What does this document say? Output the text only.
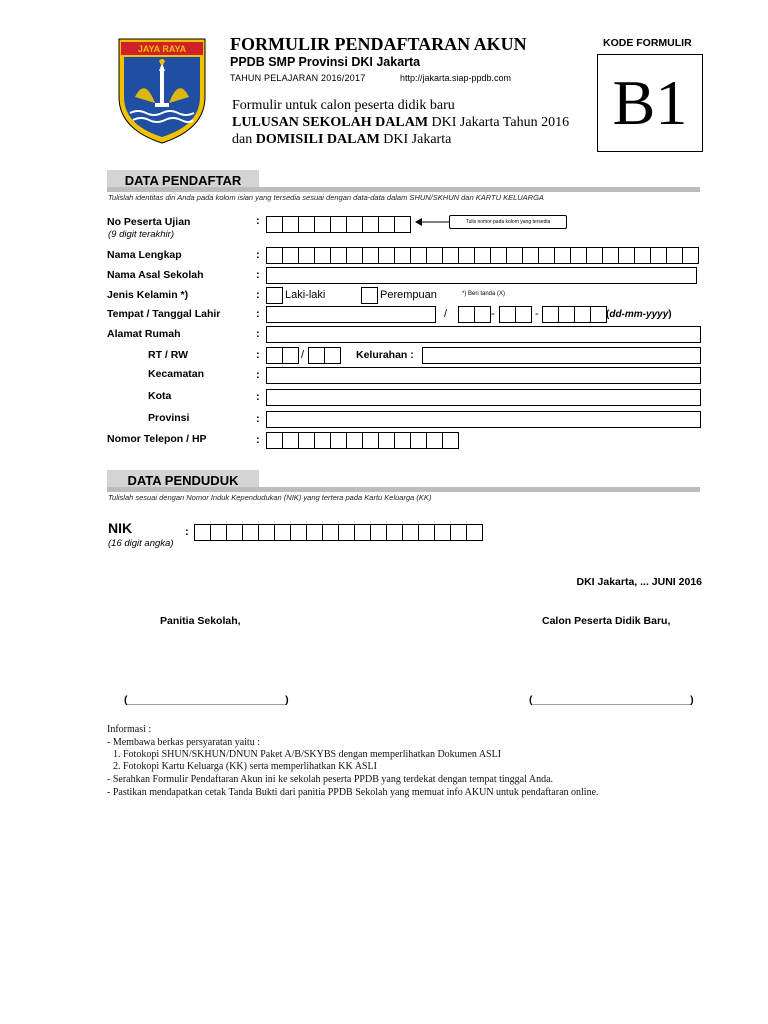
JAYA RAYA FORMULIR PENDAFTARAN AKUN
PPDB SMP Provinsi DKI Jakarta
TAHUN PELAJARAN 2016/2017	http://jakarta.siap-ppdb.com
Formulir untuk calon peserta didik baru
LULUSAN SEKOLAH DALAM DKI Jakarta Tahun 2016
dan DOMISILI DALAM DKI Jakarta
KODE FORMULIR
B1
DATA PENDAFTAR
Tulislah identitas diri Anda pada kolom isian yang tersedia sesuai dengan data-data dalam SHUN/SKHUN dan KARTU KELUARGA
No Peserta Ujian
(9 digit terakhir)
:	Tulis nomor pada kolom yang tersedia
Nama Lengkap	:
Nama Asal Sekolah	:
Jenis Kelamin *)	: Laki-laki	Perempuan	*) Beri tanda (X)
Tempat / Tanggal Lahir	:	/	-	-	(dd-mm-yyyy)
Alamat Rumah	:
RT / RW	:	/	Kelurahan :
Kecamatan	:
Kota	:
Provinsi	:
Nomor Telepon / HP	:
DATA PENDUDUK
Tulislah sesuai dengan Nomor Induk Kependudukan (NIK) yang tertera pada Kartu Keluarga (KK)
NIK
(16 digit angka)
:
DKI Jakarta, ... JUNI 2016
Panitia Sekolah,	Calon Peserta Didik Baru,
(___________________________)	(___________________________)
Informasi :
- Membawa berkas persyaratan yaitu :
1. Fotokopi SHUN/SKHUN/DNUN Paket A/B/SKYBS dengan memperlihatkan Dokumen ASLI
2. Fotokopi Kartu Keluarga (KK) serta memperlihatkan KK ASLI
- Serahkan Formulir Pendaftaran Akun ini ke sekolah peserta PPDB yang terdekat dengan tempat tinggal Anda.
- Pastikan mendapatkan cetak Tanda Bukti dari panitia PPDB Sekolah yang memuat info AKUN untuk pendaftaran online.
